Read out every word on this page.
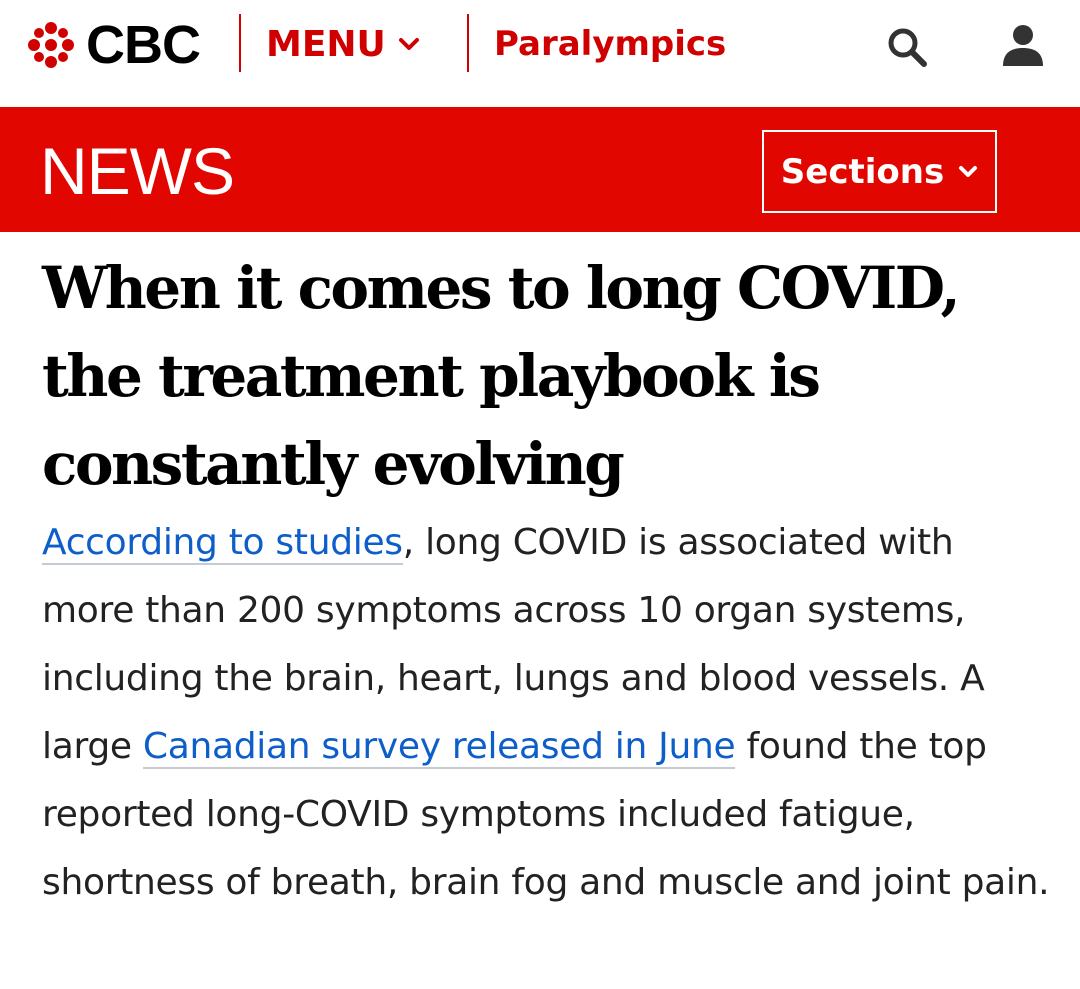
CBC MENU	Paralympics
NEWS	Sections
When it comes to long COVID, the treatment playbook is constantly evolving

According to studies, long COVID is associated with more than 200 symptoms across 10 organ systems, including the brain, heart, lungs and blood vessels. A large Canadian survey released in June found the top reported long-COVID symptoms included fatigue, shortness of breath, brain fog and muscle and joint pain.
